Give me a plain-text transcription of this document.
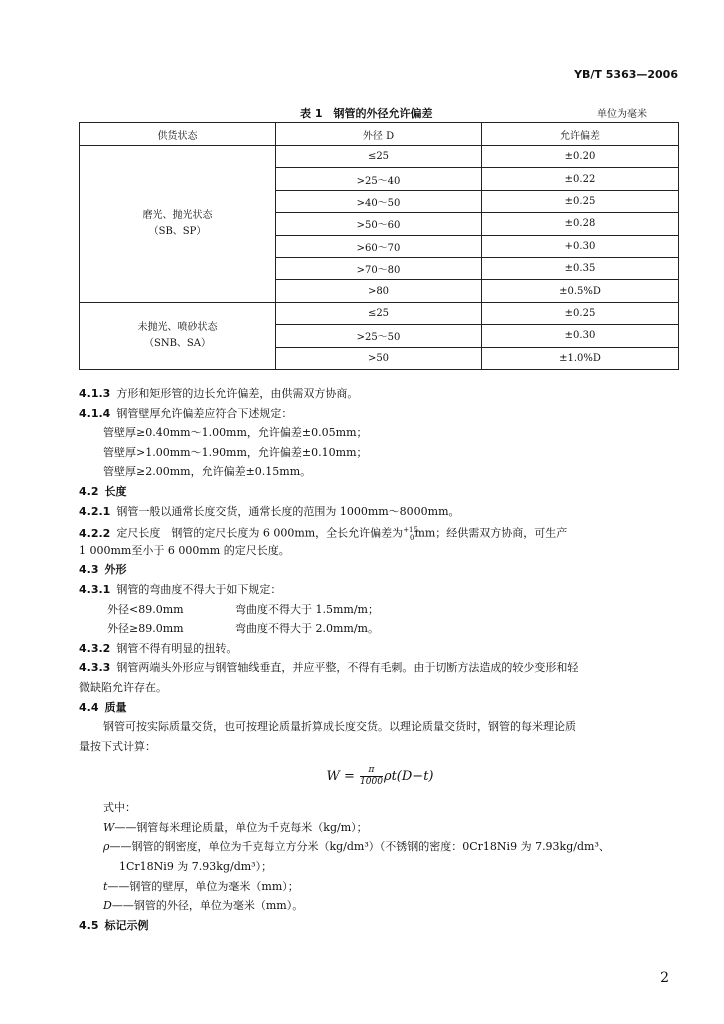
YB/T 5363—2006
表 1　钢管的外径允许偏差	单位为毫米
供货状态	外径 D	允许偏差
磨光、抛光状态
（SB、SP）	≤25	±0.20
	>25～40	±0.22
	>40～50	±0.25
	>50～60	±0.28
	>60～70	+0.30
	>70～80	±0.35
	>80	±0.5%D
未抛光、喷砂状态
（SNB、SA）	≤25	±0.25
	>25～50	±0.30
	>50	±1.0%D
4.1.3 方形和矩形管的边长允许偏差，由供需双方协商。
4.1.4 钢管壁厚允许偏差应符合下述规定：
管壁厚≥0.40mm～1.00mm，允许偏差±0.05mm；
管壁厚>1.00mm～1.90mm，允许偏差±0.10mm；
管壁厚≥2.00mm，允许偏差±0.15mm。
4.2 长度
4.2.1 钢管一般以通常长度交货，通常长度的范围为 1000mm～8000mm。
4.2.2 定尺长度　钢管的定尺长度为 6 000mm，全长允许偏差为$^{+15}_0$mm；经供需双方协商，可生产
1 000mm至小于 6 000mm 的定尺长度。
4.3 外形
4.3.1 钢管的弯曲度不得大于如下规定：
外径<89.0mm	弯曲度不得大于 1.5mm/m；
外径≥89.0mm	弯曲度不得大于 2.0mm/m。
4.3.2 钢管不得有明显的扭转。
4.3.3 钢管两端头外形应与钢管轴线垂直，并应平整，不得有毛刺。由于切断方法造成的较少变形和轻
微缺陷允许存在。
4.4 质量
钢管可按实际质量交货，也可按理论质量折算成长度交货。以理论质量交货时，钢管的每米理论质
量按下式计算：
$W = \frac{\pi}{1000} \rho t(D-t)$
式中：
W——钢管每米理论质量，单位为千克每米（kg/m）；
ρ——钢管的钢密度，单位为千克每立方分米（kg/dm³）（不锈钢的密度：0Cr18Ni9 为 7.93kg/dm³、
1Cr18Ni9 为 7.93kg/dm³）；
t——钢管的壁厚，单位为毫米（mm）；
D——钢管的外径，单位为毫米（mm）。
4.5 标记示例
2
